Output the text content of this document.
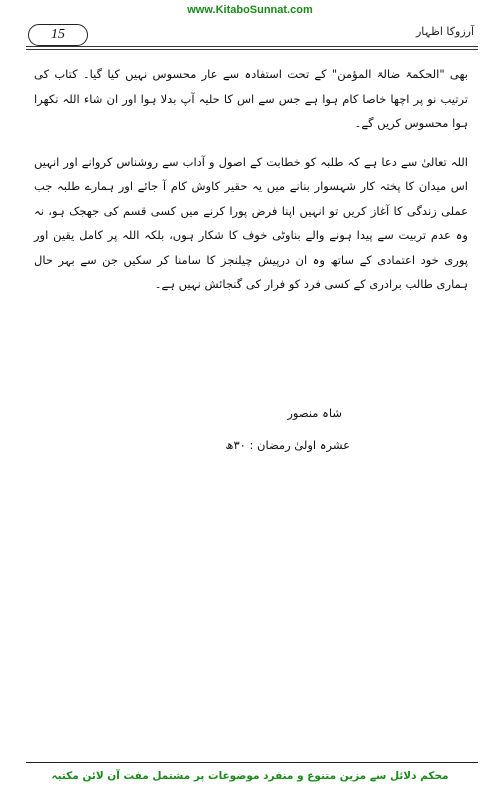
www.KitaboSunnat.com
15	آرزوکا اظہار

بھی "الحکمۃ ضالۃ المؤمن" کے تحت استفادہ سے عار محسوس نہیں کیا گیا۔ کتاب کی ترتیب نو پر اچھا خاصا کام ہوا ہے جس سے اس کا حلیہ آپ بدلا ہوا اور ان شاء اللہ نکھرا ہوا محسوس کریں گے۔

اللہ تعالیٰ سے دعا ہے کہ طلبہ کو خطابت کے اصول و آداب سے روشناس کروانے اور انہیں اس میدان کا پختہ کار شہسوار بنانے میں یہ حقیر کاوش کام آ جائے اور ہمارے طلبہ جب عملی زندگی کا آغاز کریں تو انہیں اپنا فرض پورا کرنے میں کسی قسم کی جھجک ہو، نہ وہ عدم تربیت سے پیدا ہونے والے بناوٹی خوف کا شکار ہوں، بلکہ اللہ پر کامل یقین اور پوری خود اعتمادی کے ساتھ وہ ان درپیش چیلنجز کا سامنا کر سکیں جن سے بہر حال ہماری طالب برادری کے کسی فرد کو فرار کی گنجائش نہیں ہے۔

شاہ منصور
عشرہ اولیٰ رمضان : ۳۰ھ
محکم دلائل سے مزین متنوع و منفرد موضوعات پر مشتمل مفت آن لائن مکتبہ
